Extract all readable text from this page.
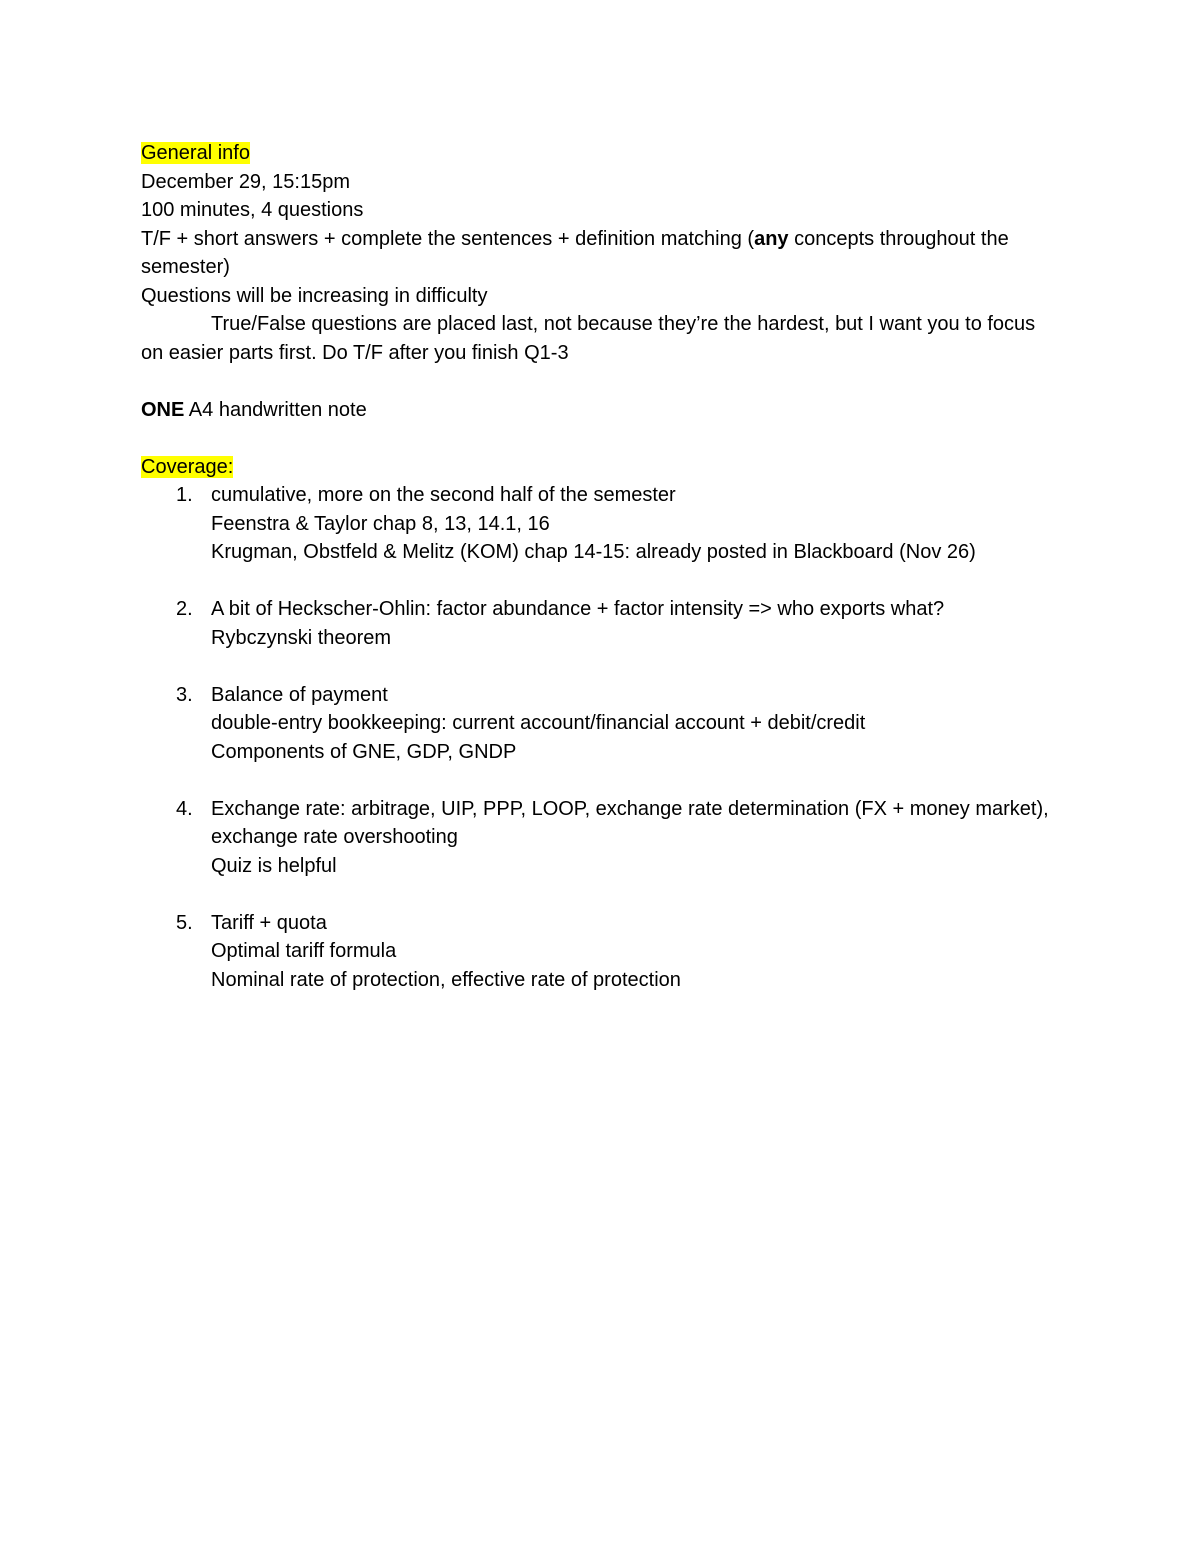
General info

December 29, 15:15pm

100 minutes, 4 questions

T/F + short answers + complete the sentences + definition matching (any concepts throughout the semester)

Questions will be increasing in difficulty

True/False questions are placed last, not because they’re the hardest, but I want you to focus on easier parts first. Do T/F after you finish Q1-3

ONE A4 handwritten note

Coverage:

1. cumulative, more on the second half of the semester
Feenstra & Taylor chap 8, 13, 14.1, 16
Krugman, Obstfeld & Melitz (KOM) chap 14-15: already posted in Blackboard (Nov 26)
2. A bit of Heckscher-Ohlin: factor abundance + factor intensity => who exports what?
Rybczynski theorem
3. Balance of payment
double-entry bookkeeping: current account/financial account + debit/credit
Components of GNE, GDP, GNDP
4. Exchange rate: arbitrage, UIP, PPP, LOOP, exchange rate determination (FX + money market), exchange rate overshooting
Quiz is helpful
5. Tariff + quota
Optimal tariff formula
Nominal rate of protection, effective rate of protection
